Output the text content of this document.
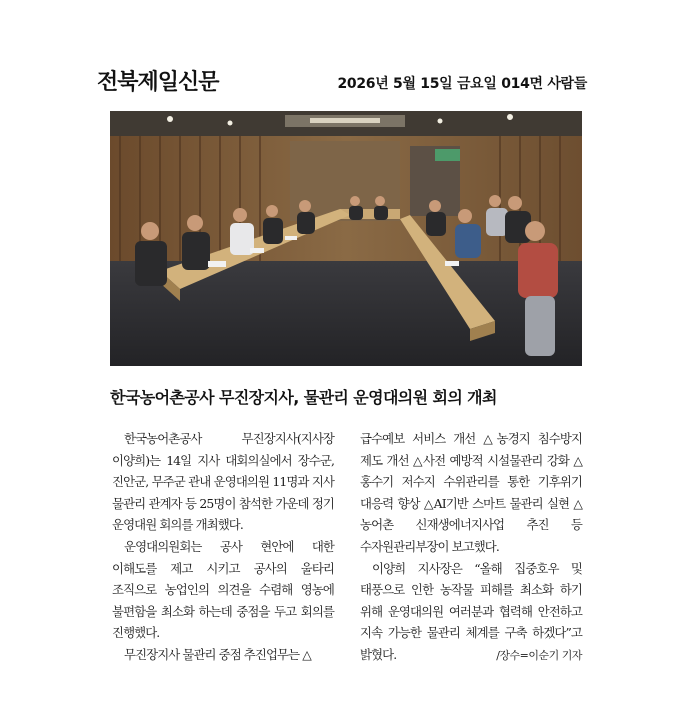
전북제일신문	2026년 5월 15일 금요일 014면 사람들
한국농어촌공사 무진장지사, 물관리 운영대의원 회의 개최

한국농어촌공사 무진장지사(지사장 이양희)는 14일 지사 대회의실에서 장수군, 진안군, 무주군 관내 운영대의원 11명과 지사 물관리 관계자 등 25명이 참석한 가운데 정기 운영대원 회의를 개최했다.

운영대의원회는 공사 현안에 대한 이해도를 제고 시키고 공사의 울타리 조직으로 농업인의 의견을 수렴해 영농에 불편함을 최소화 하는데 중점을 두고 회의를 진행했다.

무진장지사 물관리 중점 추진업무는 △

급수예보 서비스 개선 △농경지 침수방지 제도 개선 △사전 예방적 시설물관리 강화 △홍수기 저수지 수위관리를 통한 기후위기 대응력 향상 △AI기반 스마트 물관리 실현 △농어촌 신재생에너지사업 추진 등 수자원관리부장이 보고했다.

이양희 지사장은 “올해 집중호우 및 태풍으로 인한 농작물 피해를 최소화 하기 위해 운영대의원 여러분과 협력해 안전하고 지속 가능한 물관리 체계를 구축 하겠다”고 밝혔다.	/장수=이순기 기자
